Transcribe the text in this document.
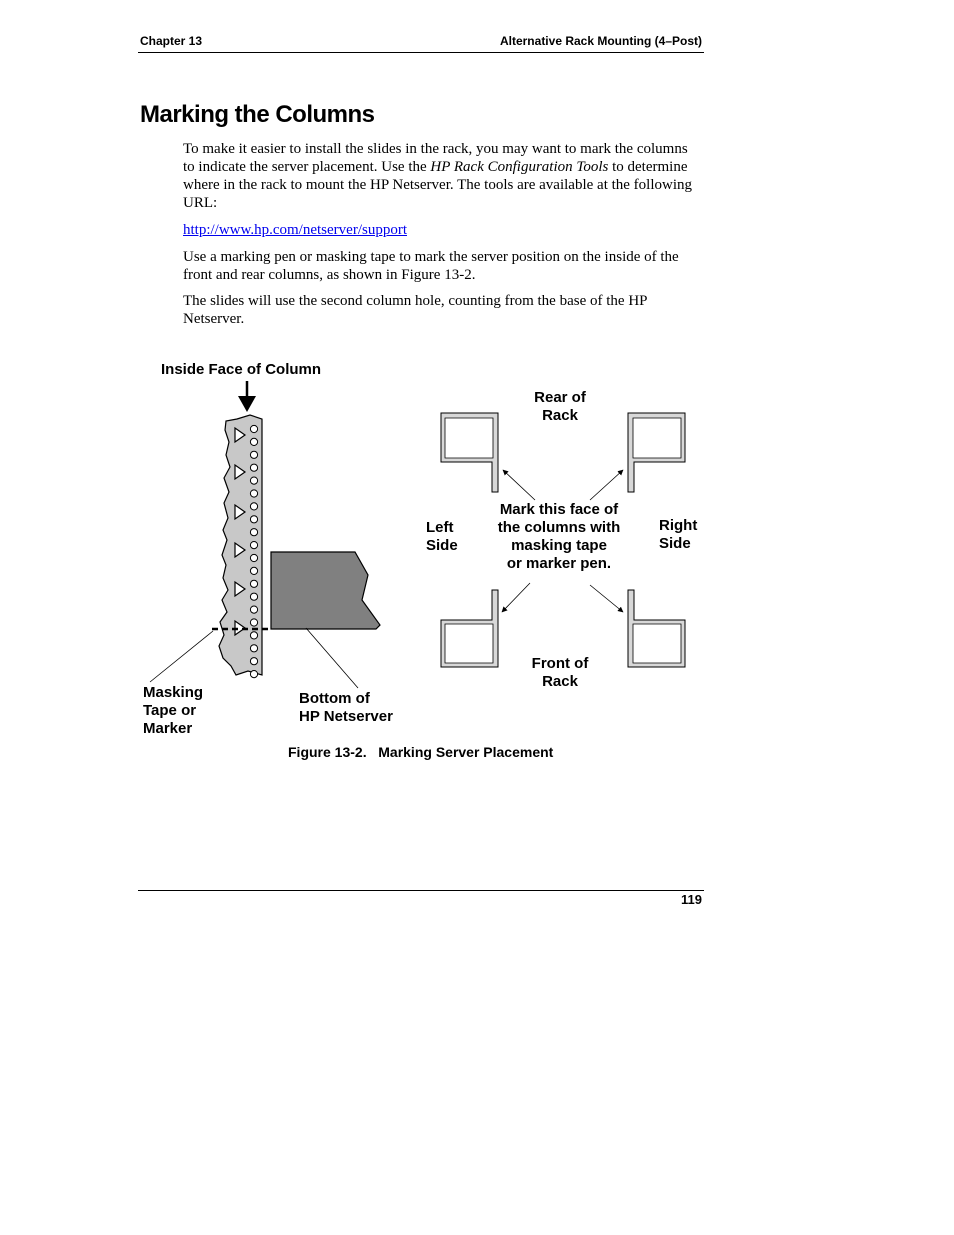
Chapter 13	Alternative Rack Mounting (4–Post)
Marking the Columns

To make it easier to install the slides in the rack, you may want to mark the columns to indicate the server placement. Use the HP Rack Configuration Tools to determine where in the rack to mount the HP Netserver. The tools are available at the following URL:

http://www.hp.com/netserver/support

Use a marking pen or masking tape to mark the server position on the inside of the front and rear columns, as shown in Figure 13-2.

The slides will use the second column hole, counting from the base of the HP Netserver.

Inside Face of Column
Masking
Tape or
Marker
Bottom of
HP Netserver
Rear of
Rack
Left
Side
Right
Side
Front of
Rack
Mark this face of
the columns with
masking tape
or marker pen.
Figure 13-2.   Marking Server Placement
119
